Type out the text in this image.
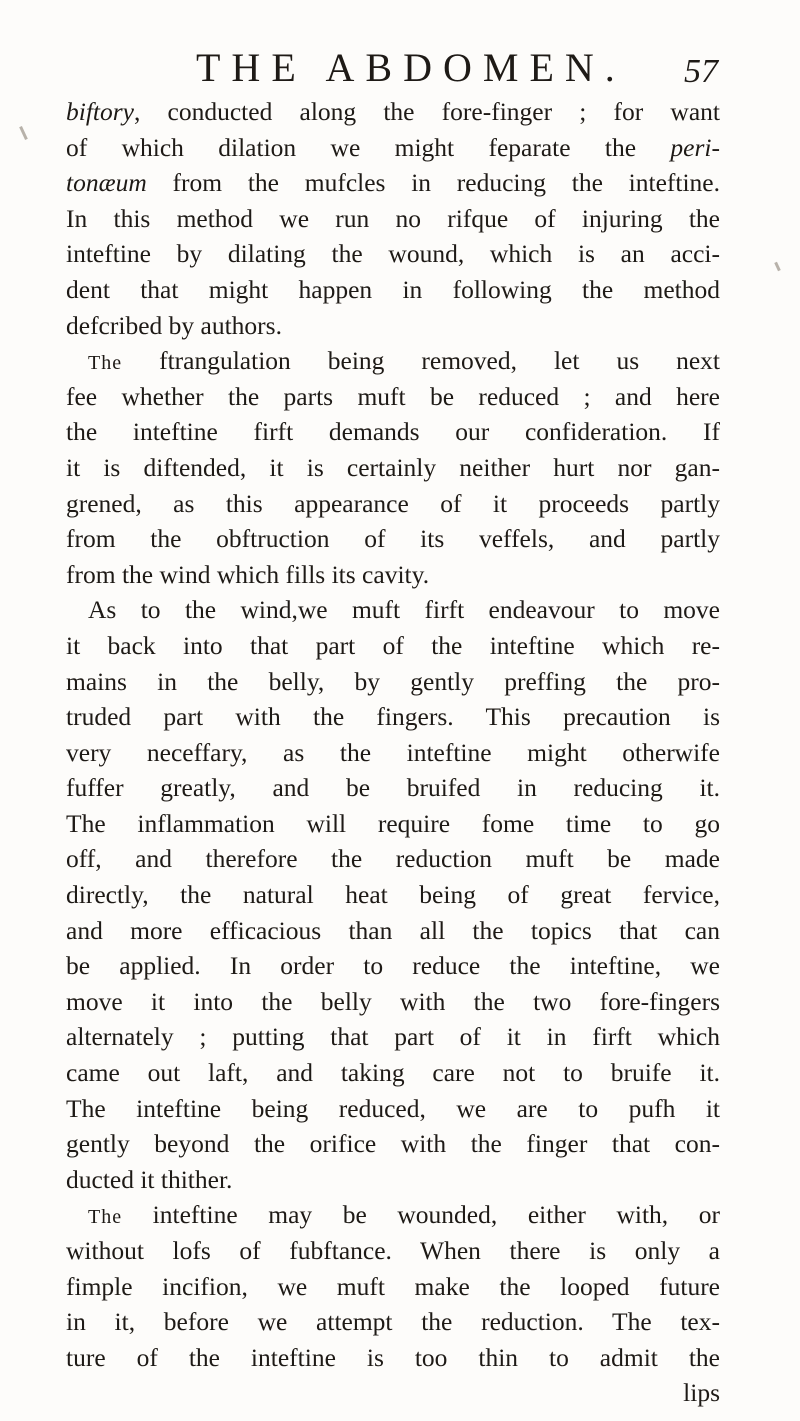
THE ABDOMEN. 57
biftory, conducted along the fore-finger ; for want
of which dilation we might feparate the peri-
tonæum from the mufcles in reducing the inteftine.
In this method we run no rifque of injuring the
inteftine by dilating the wound, which is an acci-
dent that might happen in following the method
defcribed by authors.
The ftrangulation being removed, let us next
fee whether the parts muft be reduced ; and here
the inteftine firft demands our confideration. If
it is diftended, it is certainly neither hurt nor gan-
grened, as this appearance of it proceeds partly
from the obftruction of its veffels, and partly
from the wind which fills its cavity.
As to the wind,we muft firft endeavour to move
it back into that part of the inteftine which re-
mains in the belly, by gently preffing the pro-
truded part with the fingers. This precaution is
very neceffary, as the inteftine might otherwife
fuffer greatly, and be bruifed in reducing it.
The inflammation will require fome time to go
off, and therefore the reduction muft be made
directly, the natural heat being of great fervice,
and more efficacious than all the topics that can
be applied. In order to reduce the inteftine, we
move it into the belly with the two fore-fingers
alternately ; putting that part of it in firft which
came out laft, and taking care not to bruife it.
The inteftine being reduced, we are to pufh it
gently beyond the orifice with the finger that con-
ducted it thither.
The inteftine may be wounded, either with, or
without lofs of fubftance. When there is only a
fimple incifion, we muft make the looped future
in it, before we attempt the reduction. The tex-
ture of the inteftine is too thin to admit the
lips
